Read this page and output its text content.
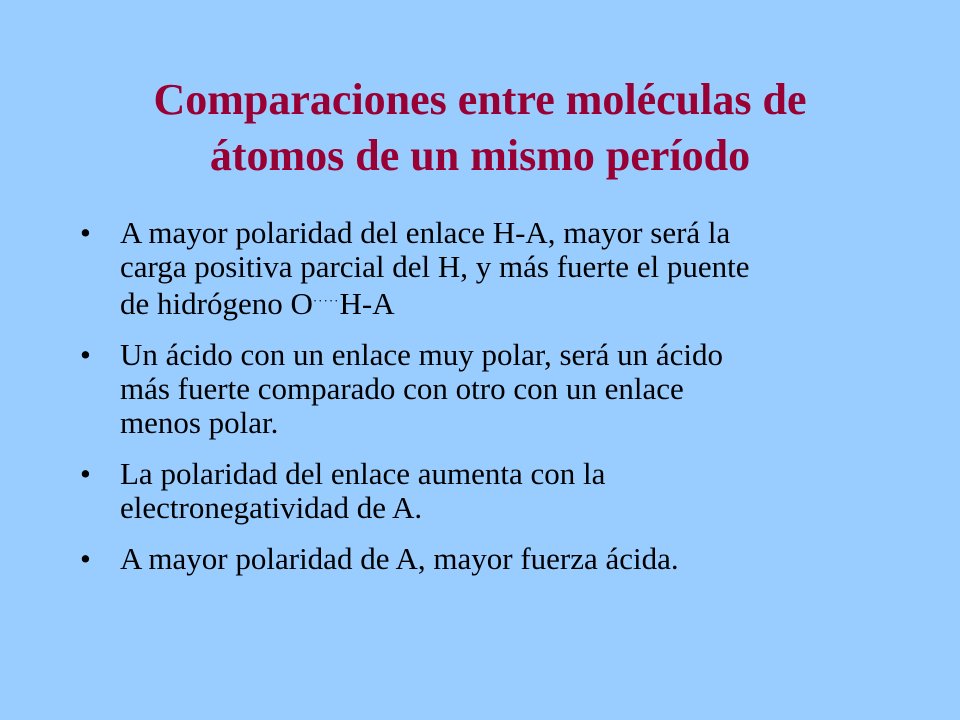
Comparaciones entre moléculas de
átomos de un mismo período
• A mayor polaridad del enlace H-A, mayor será la
carga positiva parcial del H, y más fuerte el puente
de hidrógeno O·····H-A
• Un ácido con un enlace muy polar, será un ácido
más fuerte comparado con otro con un enlace
menos polar.
• La polaridad del enlace aumenta con la
electronegatividad de A.
• A mayor polaridad de A, mayor fuerza ácida.
